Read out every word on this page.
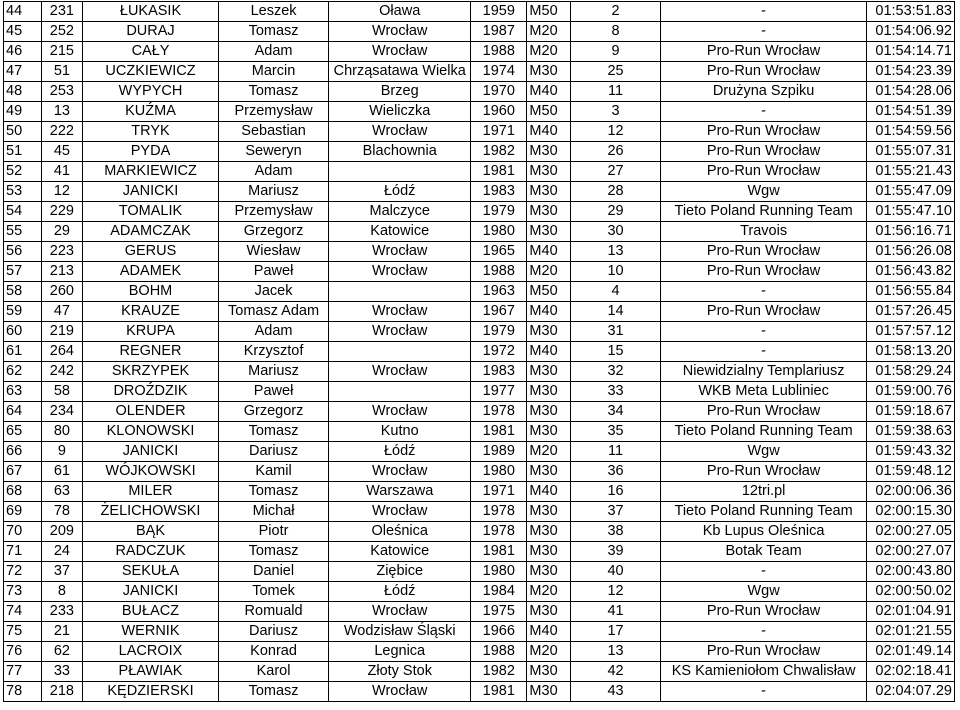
44	231	ŁUKASIK	Leszek	Oława	1959	M50	2	-	01:53:51.83
45	252	DURAJ	Tomasz	Wrocław	1987	M20	8	-	01:54:06.92
46	215	CAŁY	Adam	Wrocław	1988	M20	9	Pro-Run Wrocław	01:54:14.71
47	51	UCZKIEWICZ	Marcin	Chrząsatawa Wielka	1974	M30	25	Pro-Run Wrocław	01:54:23.39
48	253	WYPYCH	Tomasz	Brzeg	1970	M40	11	Drużyna Szpiku	01:54:28.06
49	13	KUŹMA	Przemysław	Wieliczka	1960	M50	3	-	01:54:51.39
50	222	TRYK	Sebastian	Wrocław	1971	M40	12	Pro-Run Wrocław	01:54:59.56
51	45	PYDA	Seweryn	Blachownia	1982	M30	26	Pro-Run Wrocław	01:55:07.31
52	41	MARKIEWICZ	Adam		1981	M30	27	Pro-Run Wrocław	01:55:21.43
53	12	JANICKI	Mariusz	Łódź	1983	M30	28	Wgw	01:55:47.09
54	229	TOMALIK	Przemysław	Malczyce	1979	M30	29	Tieto Poland Running Team	01:55:47.10
55	29	ADAMCZAK	Grzegorz	Katowice	1980	M30	30	Travois	01:56:16.71
56	223	GERUS	Wiesław	Wrocław	1965	M40	13	Pro-Run Wrocław	01:56:26.08
57	213	ADAMEK	Paweł	Wrocław	1988	M20	10	Pro-Run Wrocław	01:56:43.82
58	260	BOHM	Jacek		1963	M50	4	-	01:56:55.84
59	47	KRAUZE	Tomasz Adam	Wrocław	1967	M40	14	Pro-Run Wrocław	01:57:26.45
60	219	KRUPA	Adam	Wrocław	1979	M30	31	-	01:57:57.12
61	264	REGNER	Krzysztof		1972	M40	15	-	01:58:13.20
62	242	SKRZYPEK	Mariusz	Wrocław	1983	M30	32	Niewidzialny Templariusz	01:58:29.24
63	58	DROŹDZIK	Paweł		1977	M30	33	WKB Meta Lubliniec	01:59:00.76
64	234	OLENDER	Grzegorz	Wrocław	1978	M30	34	Pro-Run Wrocław	01:59:18.67
65	80	KLONOWSKI	Tomasz	Kutno	1981	M30	35	Tieto Poland Running Team	01:59:38.63
66	9	JANICKI	Dariusz	Łódź	1989	M20	11	Wgw	01:59:43.32
67	61	WÓJKOWSKI	Kamil	Wrocław	1980	M30	36	Pro-Run Wrocław	01:59:48.12
68	63	MILER	Tomasz	Warszawa	1971	M40	16	12tri.pl	02:00:06.36
69	78	ŻELICHOWSKI	Michał	Wrocław	1978	M30	37	Tieto Poland Running Team	02:00:15.30
70	209	BĄK	Piotr	Oleśnica	1978	M30	38	Kb Lupus Oleśnica	02:00:27.05
71	24	RADCZUK	Tomasz	Katowice	1981	M30	39	Botak Team	02:00:27.07
72	37	SEKUŁA	Daniel	Ziębice	1980	M30	40	-	02:00:43.80
73	8	JANICKI	Tomek	Łódź	1984	M20	12	Wgw	02:00:50.02
74	233	BUŁACZ	Romuald	Wrocław	1975	M30	41	Pro-Run Wrocław	02:01:04.91
75	21	WERNIK	Dariusz	Wodzisław Śląski	1966	M40	17	-	02:01:21.55
76	62	LACROIX	Konrad	Legnica	1988	M20	13	Pro-Run Wrocław	02:01:49.14
77	33	PŁAWIAK	Karol	Złoty Stok	1982	M30	42	KS Kamieniołom Chwalisław	02:02:18.41
78	218	KĘDZIERSKI	Tomasz	Wrocław	1981	M30	43	-	02:04:07.29
